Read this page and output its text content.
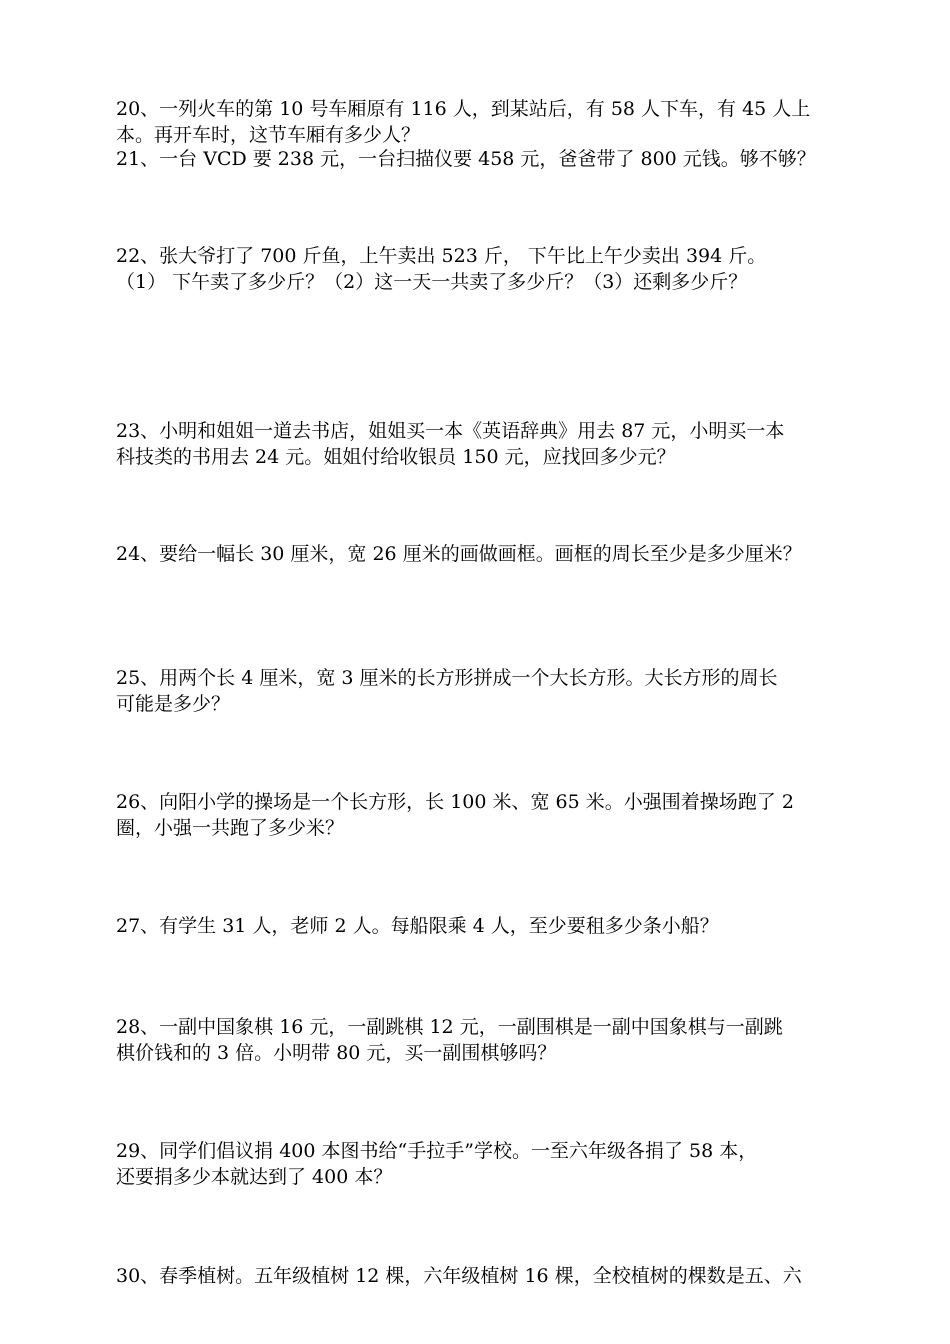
20、一列火车的第 10 号车厢原有 116 人，到某站后，有 58 人下车，有 45 人上
本。再开车时，这节车厢有多少人？
21、一台 VCD 要 238 元，一台扫描仪要 458 元，爸爸带了 800 元钱。够不够？
22、张大爷打了 700 斤鱼，上午卖出 523 斤， 下午比上午少卖出 394 斤。
（1） 下午卖了多少斤？（2）这一天一共卖了多少斤？（3）还剩多少斤？
23、小明和姐姐一道去书店，姐姐买一本《英语辞典》用去 87 元，小明买一本
科技类的书用去 24 元。姐姐付给收银员 150 元，应找回多少元？
24、要给一幅长 30 厘米，宽 26 厘米的画做画框。画框的周长至少是多少厘米？
25、用两个长 4 厘米，宽 3 厘米的长方形拼成一个大长方形。大长方形的周长
可能是多少？
26、向阳小学的操场是一个长方形，长 100 米、宽 65 米。小强围着操场跑了 2
圈，小强一共跑了多少米？
27、有学生 31 人，老师 2 人。每船限乘 4 人，至少要租多少条小船？
28、一副中国象棋 16 元，一副跳棋 12 元，一副围棋是一副中国象棋与一副跳
棋价钱和的 3 倍。小明带 80 元，买一副围棋够吗？
29、同学们倡议捐 400 本图书给“手拉手”学校。一至六年级各捐了 58 本，
还要捐多少本就达到了 400 本？
30、春季植树。五年级植树 12 棵，六年级植树 16 棵，全校植树的棵数是五、六
